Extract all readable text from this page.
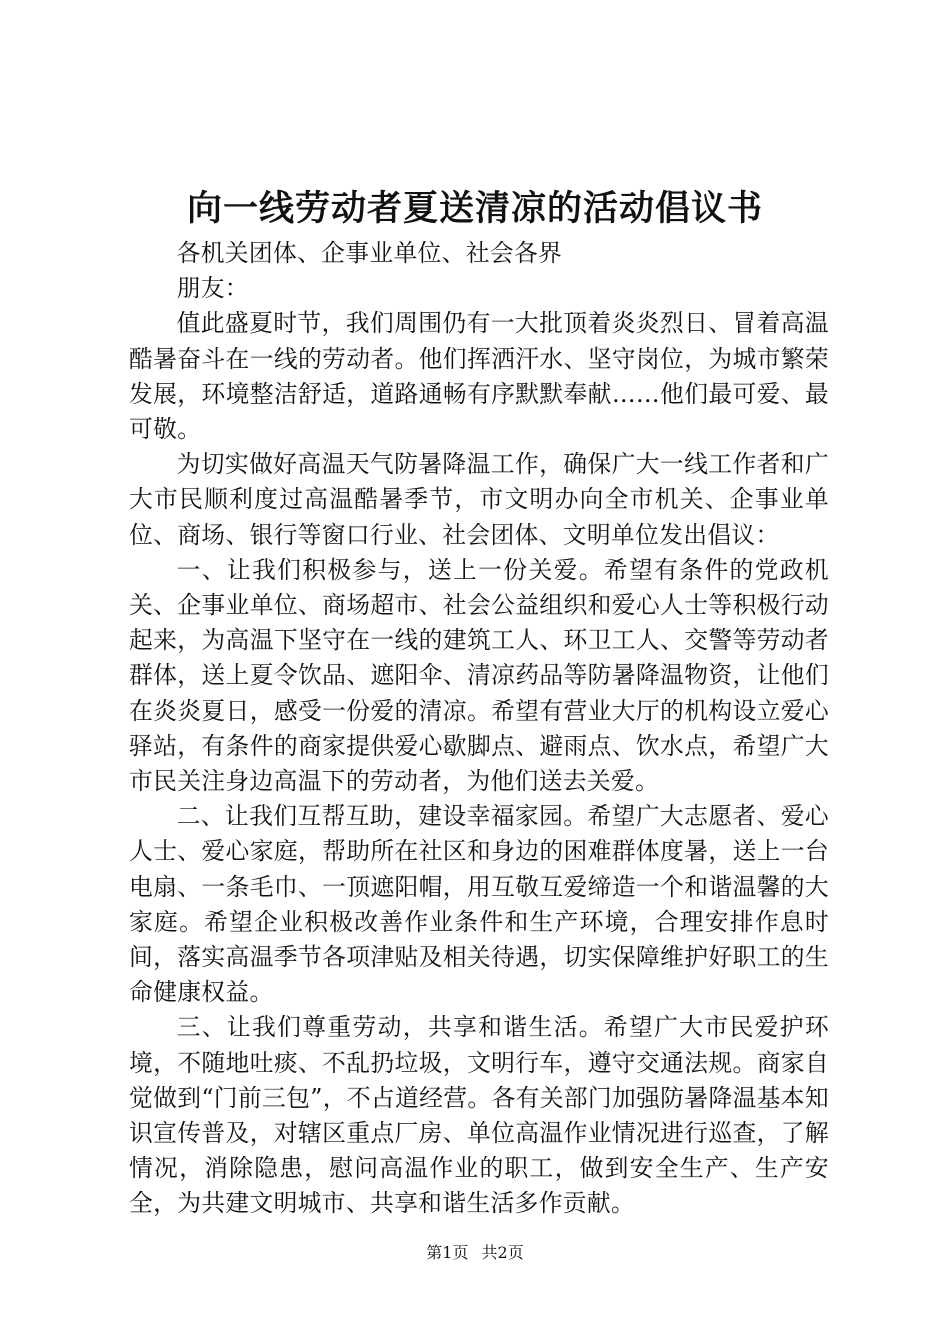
向一线劳动者夏送清凉的活动倡议书

各机关团体、企事业单位、社会各界

朋友：

值此盛夏时节，我们周围仍有一大批顶着炎炎烈日、冒着高温酷暑奋斗在一线的劳动者。他们挥洒汗水、坚守岗位，为城市繁荣发展，环境整洁舒适，道路通畅有序默默奉献……他们最可爱、最可敬。

为切实做好高温天气防暑降温工作，确保广大一线工作者和广大市民顺利度过高温酷暑季节，市文明办向全市机关、企事业单位、商场、银行等窗口行业、社会团体、文明单位发出倡议：

一、让我们积极参与，送上一份关爱。希望有条件的党政机关、企事业单位、商场超市、社会公益组织和爱心人士等积极行动起来，为高温下坚守在一线的建筑工人、环卫工人、交警等劳动者群体，送上夏令饮品、遮阳伞、清凉药品等防暑降温物资，让他们在炎炎夏日，感受一份爱的清凉。希望有营业大厅的机构设立爱心驿站，有条件的商家提供爱心歇脚点、避雨点、饮水点，希望广大市民关注身边高温下的劳动者，为他们送去关爱。

二、让我们互帮互助，建设幸福家园。希望广大志愿者、爱心人士、爱心家庭，帮助所在社区和身边的困难群体度暑，送上一台电扇、一条毛巾、一顶遮阳帽，用互敬互爱缔造一个和谐温馨的大家庭。希望企业积极改善作业条件和生产环境，合理安排作息时间，落实高温季节各项津贴及相关待遇，切实保障维护好职工的生命健康权益。

三、让我们尊重劳动，共享和谐生活。希望广大市民爱护环境，不随地吐痰、不乱扔垃圾，文明行车，遵守交通法规。商家自觉做到“门前三包”，不占道经营。各有关部门加强防暑降温基本知识宣传普及，对辖区重点厂房、单位高温作业情况进行巡查，了解情况，消除隐患，慰问高温作业的职工，做到安全生产、生产安全，为共建文明城市、共享和谐生活多作贡献。

第1页 共2页
